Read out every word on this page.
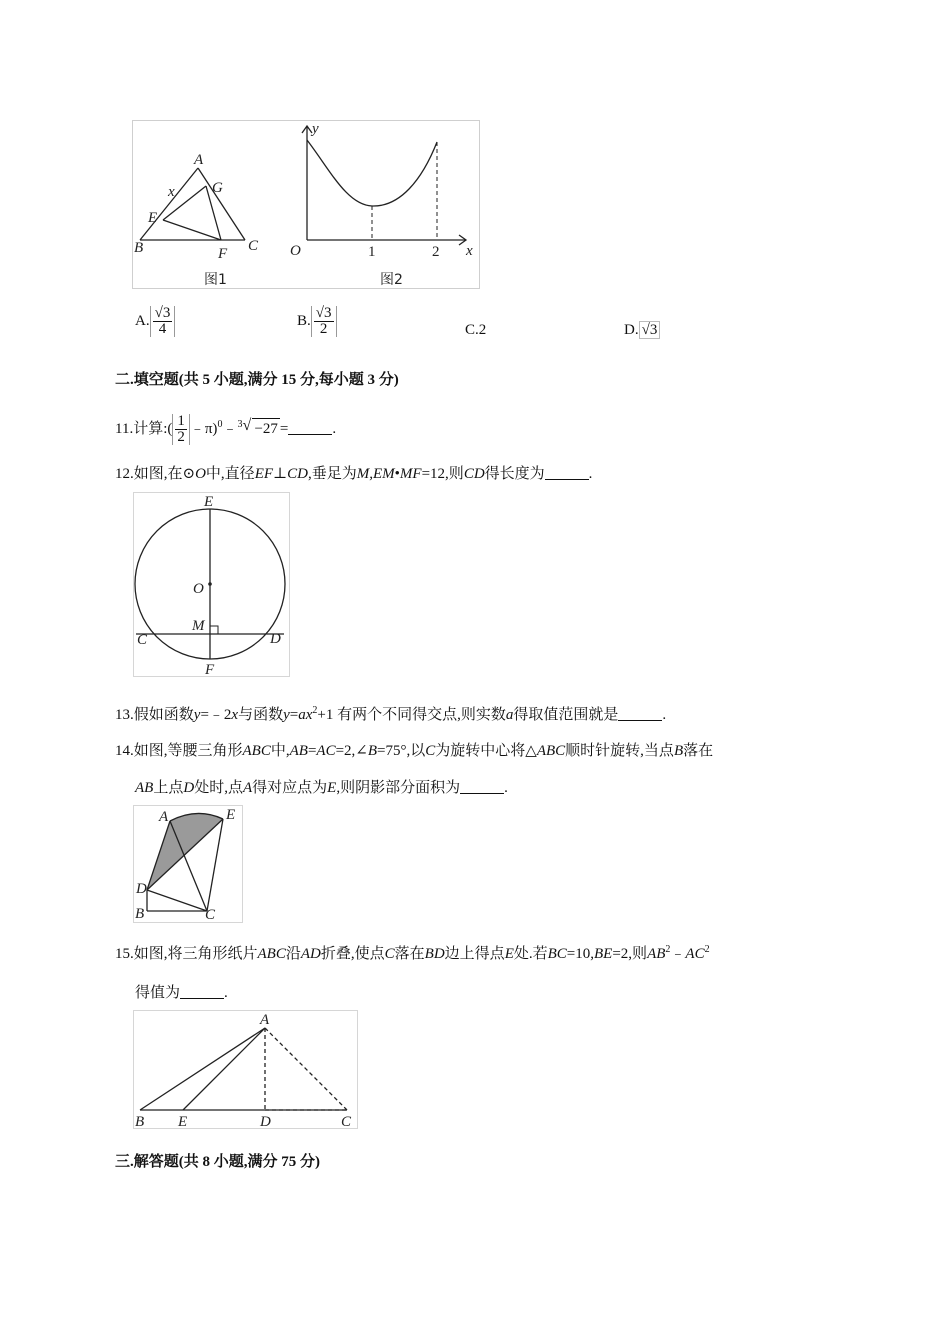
A
x G
E
B	F C
图1
y
O	1	2 x
图2
A. $\frac{√3}{4}$	B. $\frac{√3}{2}$	C.2	D. √3
二.填空题(共 5 小题,满分 15 分,每小题 3 分)
11.计算:( $\frac{1}{2}$ ﹣π)$^0$﹣$^3$ √ −27 =	.
12.如图,在⊙O中,直径EF⊥CD,垂足为M,EM•MF=12,则CD得长度为	.
E
O
M
C	D
F
13.假如函数y=﹣2x与函数$y=ax^2+1$ 有两个不同得交点,则实数a得取值范围就是	.
14.如图,等腰三角形ABC中,AB=AC=2,∠B=75°,以C为旋转中心将△ABC顺时针旋转,当点B落在
AB上点D处时,点A得对应点为E,则阴影部分面积为	.
A	E
D
B	C
15.如图,将三角形纸片ABC沿AD折叠,使点C落在BD边上得点E处.若BC=10,BE=2,则$AB^2﹣AC^2$
得值为	.
A
B E	D	C
三.解答题(共 8 小题,满分 75 分)
